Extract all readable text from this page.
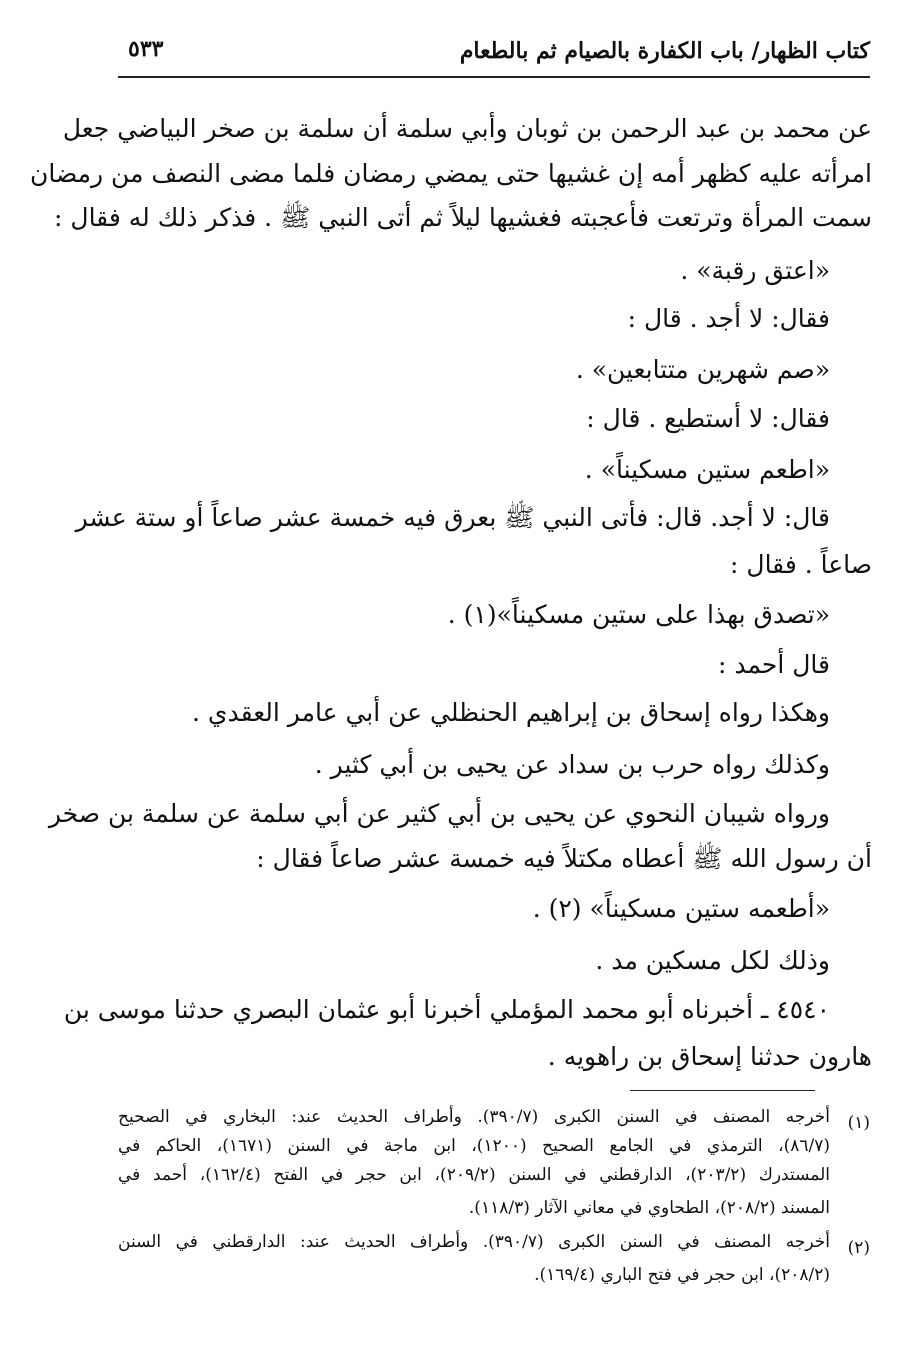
كتاب الظهار/ باب الكفارة بالصيام ثم بالطعام
٥٣٣
عن محمد بن عبد الرحمن بن ثوبان وأبي سلمة أن سلمة بن صخر البياضي جعل
امرأته عليه كظهر أمه إن غشيها حتى يمضي رمضان فلما مضى النصف من رمضان
سمت المرأة وترتعت فأعجبته فغشيها ليلاً ثم أتى النبي ﷺ . فذكر ذلك له فقال :
«اعتق رقبة» .
فقال: لا أجد . قال :
«صم شهرين متتابعين» .
فقال: لا أستطيع . قال :
«اطعم ستين مسكيناً» .
قال: لا أجد. قال: فأتى النبي ﷺ بعرق فيه خمسة عشر صاعاً أو ستة عشر
صاعاً . فقال :
«تصدق بهذا على ستين مسكيناً»(١) .
قال أحمد :
وهكذا رواه إسحاق بن إبراهيم الحنظلي عن أبي عامر العقدي .
وكذلك رواه حرب بن سداد عن يحيى بن أبي كثير .
ورواه شيبان النحوي عن يحيى بن أبي كثير عن أبي سلمة عن سلمة بن صخر
أن رسول الله ﷺ أعطاه مكتلاً فيه خمسة عشر صاعاً فقال :
«أطعمه ستين مسكيناً» (٢) .
وذلك لكل مسكين مد .
٤٥٤٠ ـ أخبرناه أبو محمد المؤملي أخبرنا أبو عثمان البصري حدثنا موسى بن
هارون حدثنا إسحاق بن راهويه .
(١)
أخرجه المصنف في السنن الكبرى (٣٩٠/٧). وأطراف الحديث عند: البخاري في الصحيح
(٨٦/٧)، الترمذي في الجامع الصحيح (١٢٠٠)، ابن ماجة في السنن (١٦٧١)، الحاكم في
المستدرك (٢٠٣/٢)، الدارقطني في السنن (٢٠٩/٢)، ابن حجر في الفتح (١٦٢/٤)، أحمد في
المسند (٢٠٨/٢)، الطحاوي في معاني الآثار (١١٨/٣).
(٢)
أخرجه المصنف في السنن الكبرى (٣٩٠/٧). وأطراف الحديث عند: الدارقطني في السنن
(٢٠٨/٢)، ابن حجر في فتح الباري (١٦٩/٤).
